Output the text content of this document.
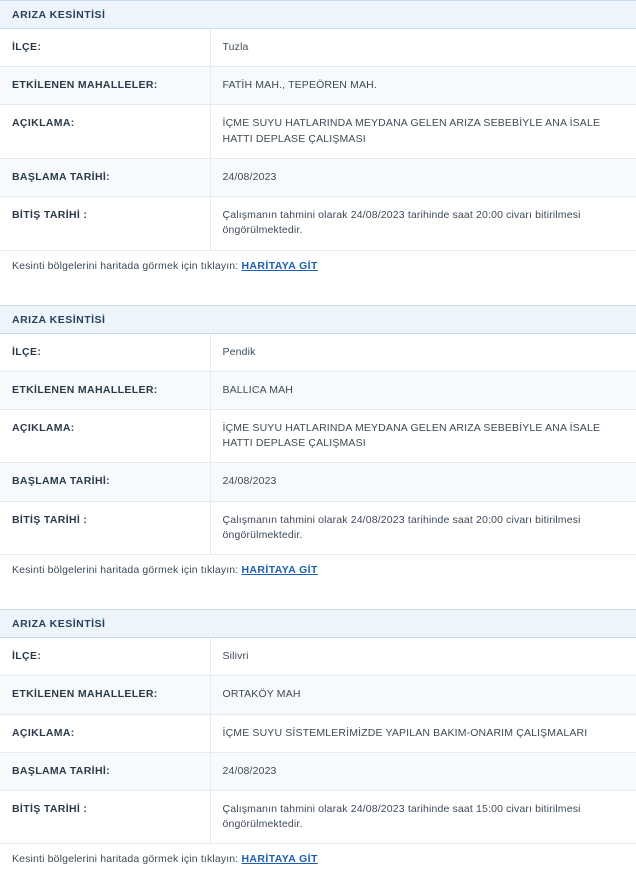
ARIZA KESİNTİSİ
İLÇE:	Tuzla
ETKİLENEN MAHALLELER:	FATİH MAH., TEPEÖREN MAH.
AÇIKLAMA:	İÇME SUYU HATLARINDA MEYDANA GELEN ARIZA SEBEBİYLE ANA İSALE HATTI DEPLASE ÇALIŞMASI
BAŞLAMA TARİHİ:	24/08/2023
BİTİŞ TARİHİ :	Çalışmanın tahmini olarak 24/08/2023 tarihinde saat 20:00 civarı bitirilmesi öngörülmektedir.
Kesinti bölgelerini haritada görmek için tıklayın: HARİTAYA GİT
ARIZA KESİNTİSİ
İLÇE:	Pendik
ETKİLENEN MAHALLELER:	BALLICA MAH
AÇIKLAMA:	İÇME SUYU HATLARINDA MEYDANA GELEN ARIZA SEBEBİYLE ANA İSALE HATTI DEPLASE ÇALIŞMASI
BAŞLAMA TARİHİ:	24/08/2023
BİTİŞ TARİHİ :	Çalışmanın tahmini olarak 24/08/2023 tarihinde saat 20:00 civarı bitirilmesi öngörülmektedir.
Kesinti bölgelerini haritada görmek için tıklayın: HARİTAYA GİT
ARIZA KESİNTİSİ
İLÇE:	Silivri
ETKİLENEN MAHALLELER:	ORTAKÖY MAH
AÇIKLAMA:	İÇME SUYU SİSTEMLERİMİZDE YAPILAN BAKIM-ONARIM ÇALIŞMALARI
BAŞLAMA TARİHİ:	24/08/2023
BİTİŞ TARİHİ :	Çalışmanın tahmini olarak 24/08/2023 tarihinde saat 15:00 civarı bitirilmesi öngörülmektedir.
Kesinti bölgelerini haritada görmek için tıklayın: HARİTAYA GİT
